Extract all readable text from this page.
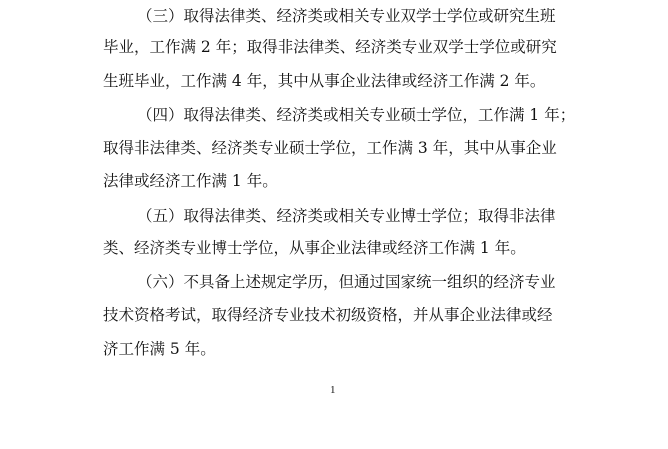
（三）取得法律类、经济类或相关专业双学士学位或研究生班
毕业，工作满 2 年；取得非法律类、经济类专业双学士学位或研究
生班毕业，工作满 4 年，其中从事企业法律或经济工作满 2 年。
（四）取得法律类、经济类或相关专业硕士学位，工作满 1 年；
取得非法律类、经济类专业硕士学位，工作满 3 年，其中从事企业
法律或经济工作满 1 年。
（五）取得法律类、经济类或相关专业博士学位；取得非法律
类、经济类专业博士学位，从事企业法律或经济工作满 1 年。
（六）不具备上述规定学历，但通过国家统一组织的经济专业
技术资格考试，取得经济专业技术初级资格，并从事企业法律或经
济工作满 5 年。
1
